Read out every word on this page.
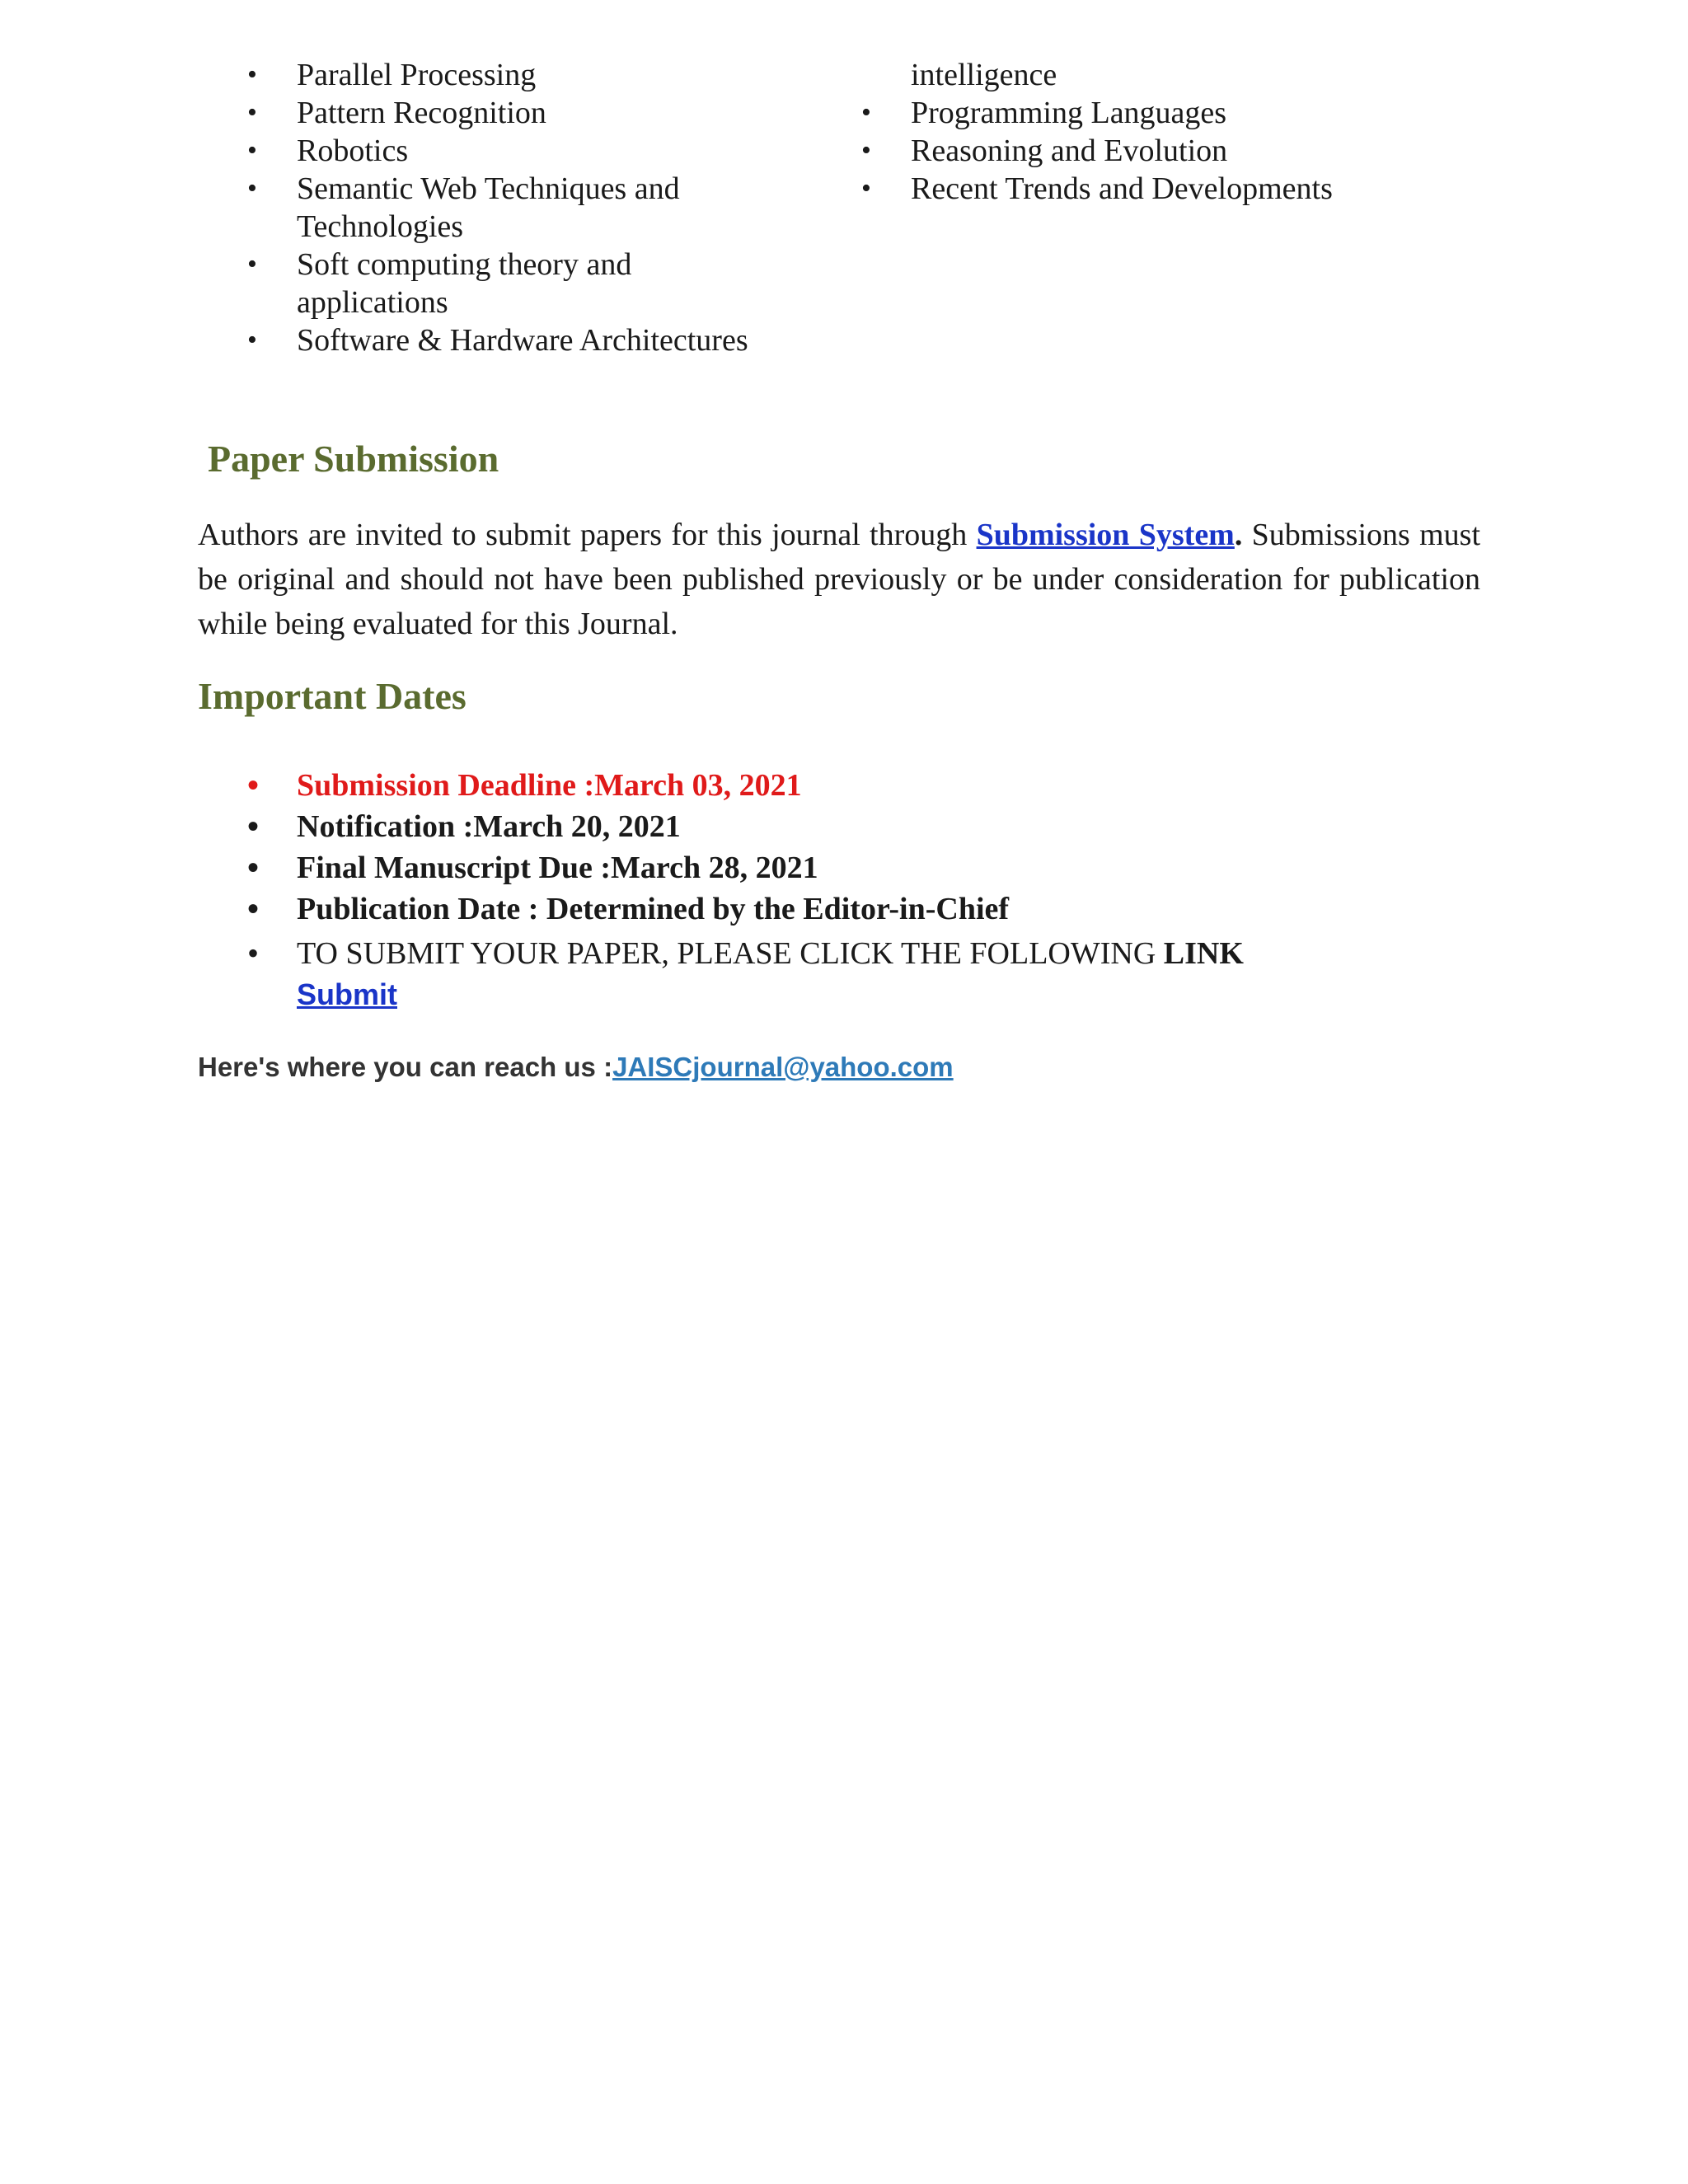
• Parallel Processing
• Pattern Recognition
• Robotics
• Semantic Web Techniques and
Technologies
• Soft computing theory and
applications
• Software & Hardware Architectures
intelligence
• Programming Languages
• Reasoning and Evolution
• Recent Trends and Developments
Paper Submission

Authors are invited to submit papers for this journal through Submission System. Submissions must be original and should not have been published previously or be under consideration for publication while being evaluated for this Journal.

Important Dates
• Submission Deadline :March 03, 2021
• Notification :March 20, 2021
• Final Manuscript Due :March 28, 2021
• Publication Date : Determined by the Editor-in-Chief
• TO SUBMIT YOUR PAPER, PLEASE CLICK THE FOLLOWING LINK
Submit

Here's where you can reach us :JAISCjournal@yahoo.com
